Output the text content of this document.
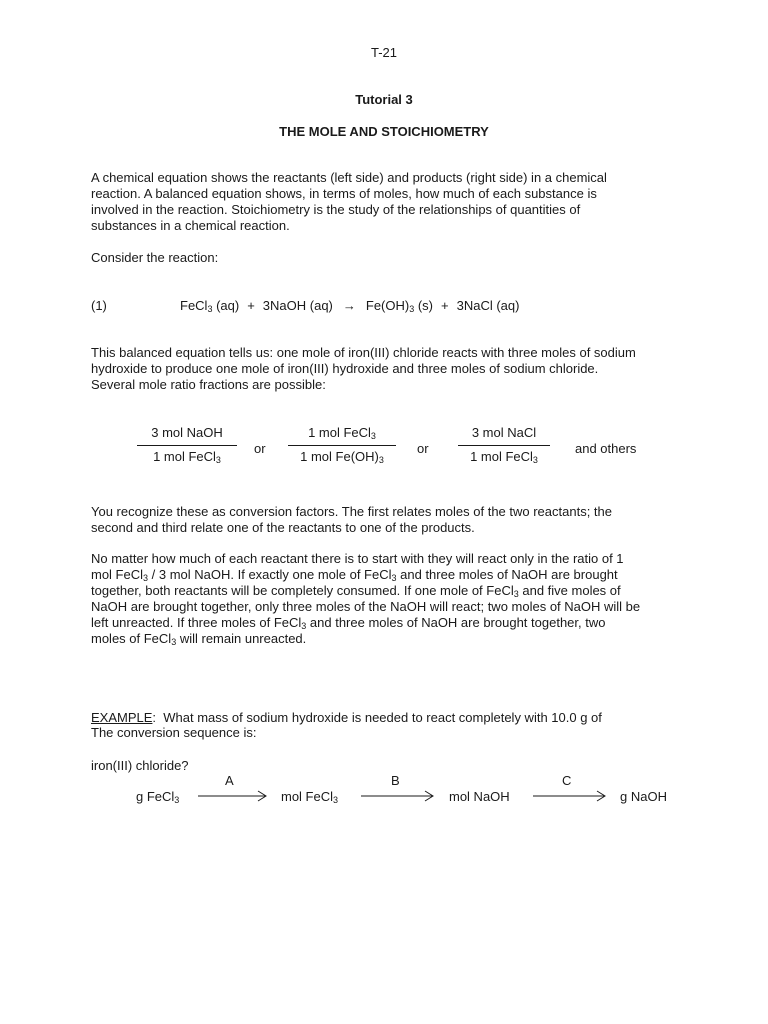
T-21
Tutorial 3
THE MOLE AND STOICHIOMETRY

A chemical equation shows the reactants (left side) and products (right side) in a chemical

reaction. A balanced equation shows, in terms of moles, how much of each substance is

involved in the reaction. Stoichiometry is the study of the relationships of quantities of

substances in a chemical reaction.

Consider the reaction:
(1)	FeCl$_3$ (aq) + 3NaOH $(aq) \to Fe(OH)_3$ (s) + 3NaCl (aq)

This balanced equation tells us: one mole of iron(III) chloride reacts with three moles of sodium

hydroxide to produce one mole of iron(III) hydroxide and three moles of sodium chloride.

Several mole ratio fractions are possible:

3 mol NaOH
1 mol FeCl$_3$
or
1 mol FeCl$_3$
1 mol $Fe(OH)_3$
or
3 mol NaCl
1 mol FeCl$_3$
and others

You recognize these as conversion factors. The first relates moles of the two reactants; the

second and third relate one of the reactants to one of the products.

No matter how much of each reactant there is to start with they will react only in the ratio of 1

mol FeCl$_3$ / 3 mol NaOH. If exactly one mole of FeCl$_3$ and three moles of NaOH are brought

together, both reactants will be completely consumed. If one mole of FeCl$_3$ and five moles of

NaOH are brought together, only three moles of the NaOH will react; two moles of NaOH will be

left unreacted. If three moles of FeCl$_3$ and three moles of NaOH are brought together, two

moles of FeCl$_3$ will remain unreacted.

EXAMPLE:  What mass of sodium hydroxide is needed to react completely with 10.0 g of

iron(III) chloride?

The conversion sequence is:
A	B	C
g FeCl$_3$	mol FeCl$_3$	mol NaOH	g NaOH
